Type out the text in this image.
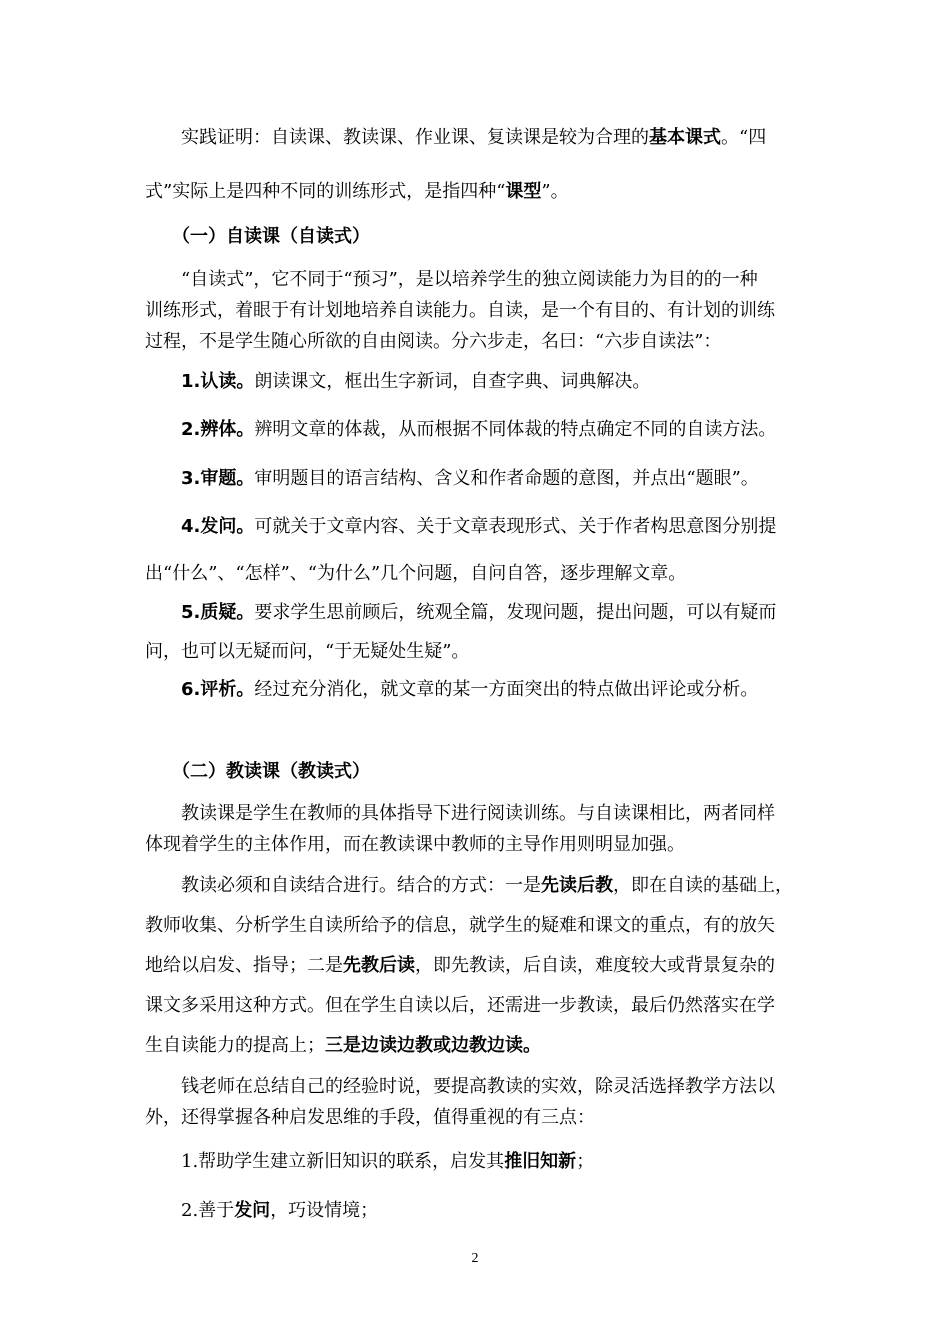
实践证明：自读课、教读课、作业课、复读课是较为合理的基本课式。“四
式”实际上是四种不同的训练形式，是指四种“课型”。
（一）自读课（自读式）
“自读式”，它不同于“预习”，是以培养学生的独立阅读能力为目的的一种
训练形式，着眼于有计划地培养自读能力。自读，是一个有目的、有计划的训练
过程，不是学生随心所欲的自由阅读。分六步走，名曰：“六步自读法”：
1.认读。朗读课文，框出生字新词，自查字典、词典解决。
2.辨体。辨明文章的体裁，从而根据不同体裁的特点确定不同的自读方法。
3.审题。审明题目的语言结构、含义和作者命题的意图，并点出“题眼”。
4.发问。可就关于文章内容、关于文章表现形式、关于作者构思意图分别提
出“什么”、“怎样”、“为什么”几个问题，自问自答，逐步理解文章。
5.质疑。要求学生思前顾后，统观全篇，发现问题，提出问题，可以有疑而
问，也可以无疑而问，“于无疑处生疑”。
6.评析。经过充分消化，就文章的某一方面突出的特点做出评论或分析。
（二）教读课（教读式）
教读课是学生在教师的具体指导下进行阅读训练。与自读课相比，两者同样
体现着学生的主体作用，而在教读课中教师的主导作用则明显加强。
教读必须和自读结合进行。结合的方式：一是先读后教，即在自读的基础上，
教师收集、分析学生自读所给予的信息，就学生的疑难和课文的重点，有的放矢
地给以启发、指导；二是先教后读，即先教读，后自读，难度较大或背景复杂的
课文多采用这种方式。但在学生自读以后，还需进一步教读，最后仍然落实在学
生自读能力的提高上；三是边读边教或边教边读。
钱老师在总结自己的经验时说，要提高教读的实效，除灵活选择教学方法以
外，还得掌握各种启发思维的手段，值得重视的有三点：
1.帮助学生建立新旧知识的联系，启发其推旧知新；
2.善于发问，巧设情境；
2
